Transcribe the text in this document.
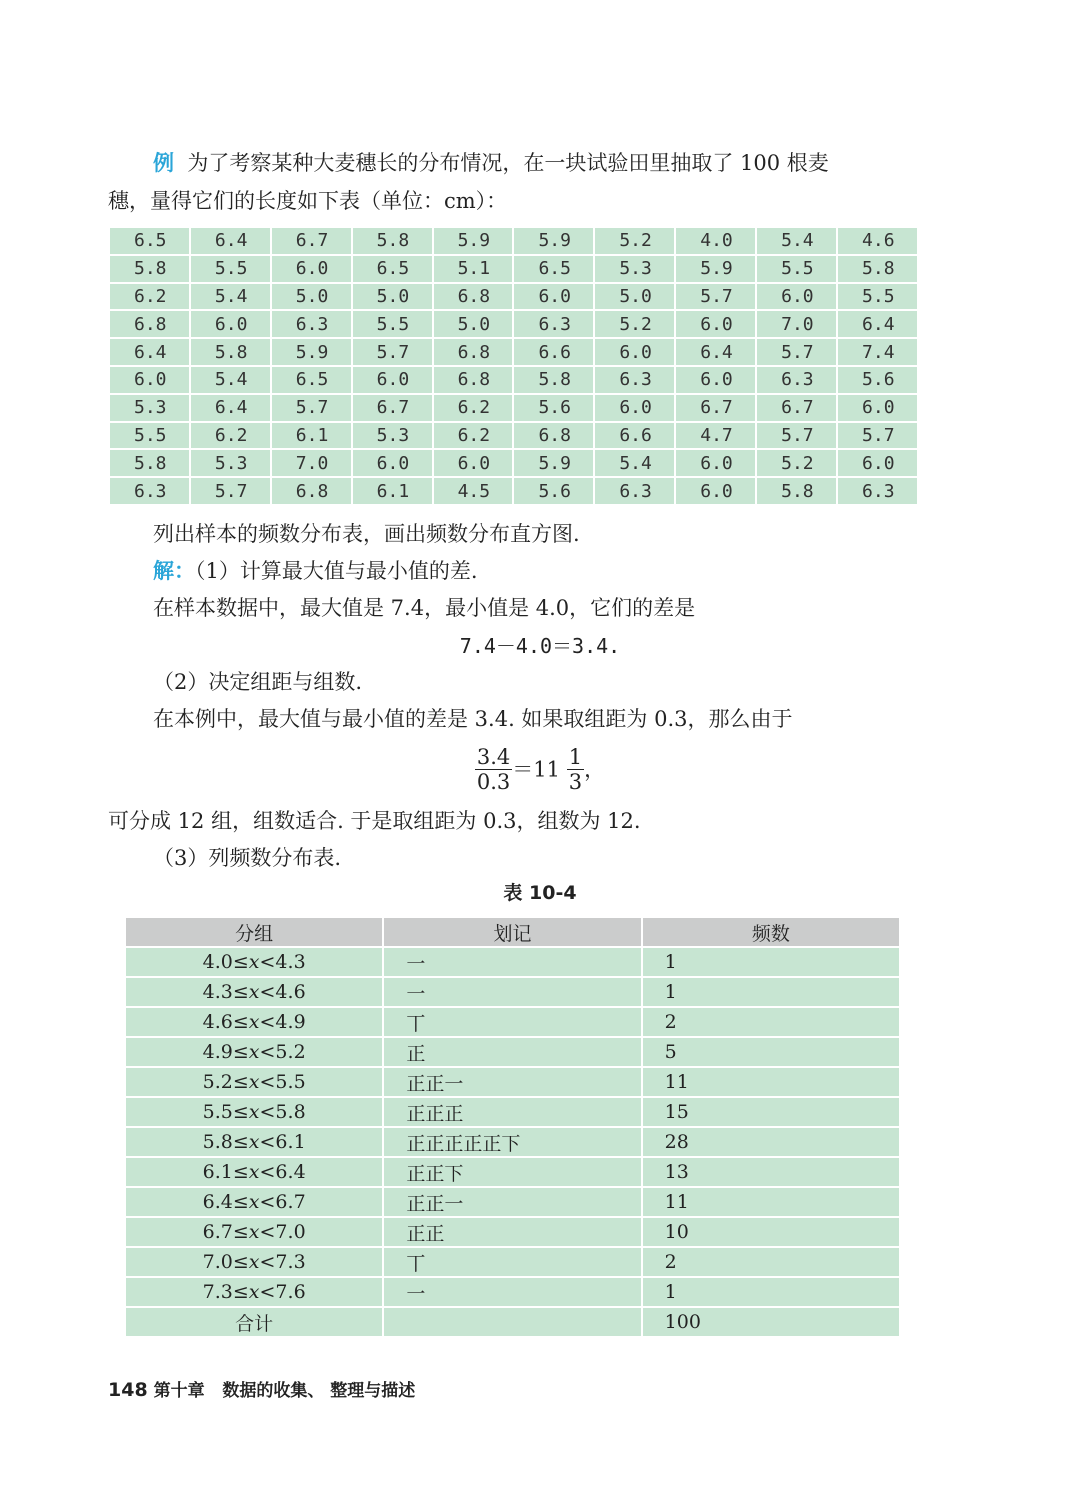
例 为了考察某种大麦穗长的分布情况，在一块试验田里抽取了 100 根麦

穗，量得它们的长度如下表（单位：cm）：

6.5	6.4	6.7	5.8	5.9	5.9	5.2	4.0	5.4	4.6
5.8	5.5	6.0	6.5	5.1	6.5	5.3	5.9	5.5	5.8
6.2	5.4	5.0	5.0	6.8	6.0	5.0	5.7	6.0	5.5
6.8	6.0	6.3	5.5	5.0	6.3	5.2	6.0	7.0	6.4
6.4	5.8	5.9	5.7	6.8	6.6	6.0	6.4	5.7	7.4
6.0	5.4	6.5	6.0	6.8	5.8	6.3	6.0	6.3	5.6
5.3	6.4	5.7	6.7	6.2	5.6	6.0	6.7	6.7	6.0
5.5	6.2	6.1	5.3	6.2	6.8	6.6	4.7	5.7	5.7
5.8	5.3	7.0	6.0	6.0	5.9	5.4	6.0	5.2	6.0
6.3	5.7	6.8	6.1	4.5	5.6	6.3	6.0	5.8	6.3

列出样本的频数分布表，画出频数分布直方图.

解：（1）计算最大值与最小值的差.

在样本数据中，最大值是 7.4，最小值是 4.0，它们的差是

7.4－4.0＝3.4.

（2）决定组距与组数.

在本例中，最大值与最小值的差是 3.4. 如果取组距为 0.3，那么由于

$\frac{3.4}{0.3} =11 \frac{1}{3}$ ，

可分成 12 组，组数适合. 于是取组距为 0.3，组数为 12.

（3）列频数分布表.

表 10-4
分组	划记	频数
4.0≤x<4.3	一	1
4.3≤x<4.6	一	1
4.6≤x<4.9	丅	2
4.9≤x<5.2	正	5
5.2≤x<5.5	正正一	11
5.5≤x<5.8	正正正	15
5.8≤x<6.1	正正正正正下	28
6.1≤x<6.4	正正下	13
6.4≤x<6.7	正正一	11
6.7≤x<7.0	正正	10
7.0≤x<7.3	丅	2
7.3≤x<7.6	一	1
合计		100
148 第十章 数据的收集、 整理与描述
